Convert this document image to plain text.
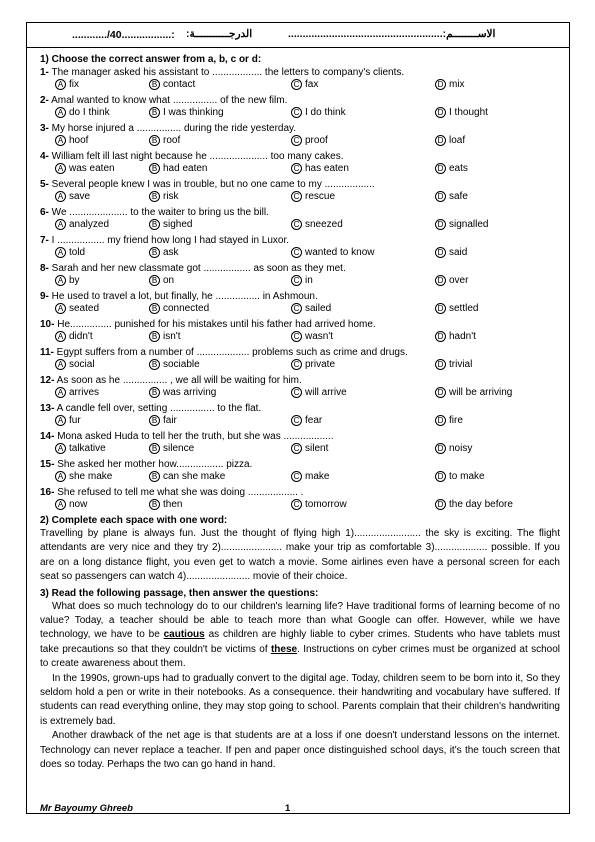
............/40.................: الدرجـــــــــــة:	الاســــــــم:.....................................................
1) Choose the correct answer from a, b, c or d:
1- The manager asked his assistant to .................. the letters to company's clients.
A fix	B contact	C fax	D mix
2- Amal wanted to know what ................ of the new film.
A do I think	B I was thinking	C I do think	D I thought
3- My horse injured a ................ during the ride yesterday.
A hoof	B roof	C proof	D loaf
4- William felt ill last night because he ..................... too many cakes.
A was eaten	B had eaten	C has eaten	D eats
5- Several people knew I was in trouble, but no one came to my ..................
A save	B risk	C rescue	D safe
6- We ..................... to the waiter to bring us the bill.
A analyzed	B sighed	C sneezed	D signalled
7- I ................. my friend how long I had stayed in Luxor.
A told	B ask	C wanted to know	D said
8- Sarah and her new classmate got ................. as soon as they met.
A by	B on	C in	D over
9- He used to travel a lot, but finally, he ................ in Ashmoun.
A seated	B connected	C sailed	D settled
10- He............... punished for his mistakes until his father had arrived home.
A didn't	B isn't	C wasn't	D hadn't
11- Egypt suffers from a number of ................... problems such as crime and drugs.
A social	B sociable	C private	D trivial
12- As soon as he ................ , we all will be waiting for him.
A arrives	B was arriving	C will arrive	D will be arriving
13- A candle fell over, setting ................ to the flat.
A fur	B fair	C fear	D fire
14- Mona asked Huda to tell her the truth, but she was ..................
A talkative	B silence	C silent	D noisy
15- She asked her mother how................. pizza.
A she make	B can she make	C make	D to make
16- She refused to tell me what she was doing .................. .
A now	B then	C tomorrow	D the day before
2) Complete each space with one word:

Travelling by plane is always fun. Just the thought of flying high 1)........................ the sky is exciting. The flight attendants are very nice and they try 2)...................... make your trip as comfortable 3)................... possible. If you are on a long distance flight, you even get to watch a movie. Some airlines even have a personal screen for each seat so passengers can watch 4)....................... movie of their choice.

3) Read the following passage, then answer the questions:

What does so much technology do to our children's learning life? Have traditional forms of learning become of no value? Today, a teacher should be able to teach more than what Google can offer. However, while we have technology, we have to be cautious as children are highly liable to cyber crimes. Students who have tablets must take precautions so that they couldn't be victims of these. Instructions on cyber crimes must be organized at school to create awareness about them.

In the 1990s, grown-ups had to gradually convert to the digital age. Today, children seem to be born into it, So they seldom hold a pen or write in their notebooks. As a consequence. their handwriting and vocabulary have suffered. If students can read everything online, they may stop going to school. Parents complain that their children's handwriting is extremely bad.

Another drawback of the net age is that students are at a loss if one doesn't understand lessons on the internet. Technology can never replace a teacher. If pen and paper once distinguished school days, it's the touch screen that does so today. Perhaps the two can go hand in hand.

Mr Bayoumy Ghreeb	1
